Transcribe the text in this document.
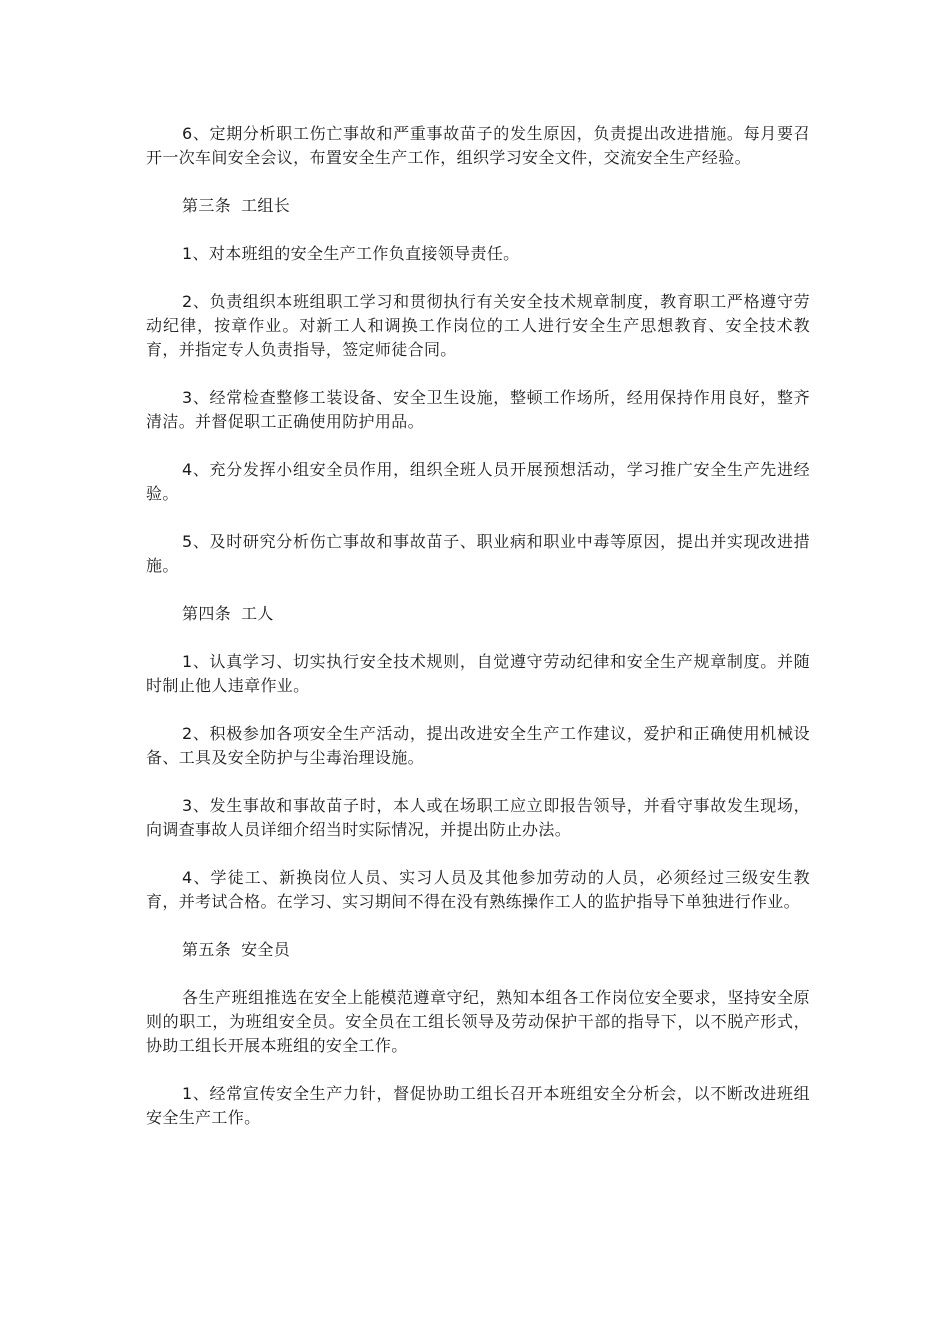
6、定期分析职工伤亡事故和严重事故苗子的发生原因，负责提出改进措施。每月要召开一次车间安全会议，布置安全生产工作，组织学习安全文件，交流安全生产经验。

第三条 工组长

1、对本班组的安全生产工作负直接领导责任。

2、负责组织本班组职工学习和贯彻执行有关安全技术规章制度，教育职工严格遵守劳动纪律，按章作业。对新工人和调换工作岗位的工人进行安全生产思想教育、安全技术教育，并指定专人负责指导，签定师徒合同。

3、经常检查整修工装设备、安全卫生设施，整顿工作场所，经用保持作用良好，整齐清洁。并督促职工正确使用防护用品。

4、充分发挥小组安全员作用，组织全班人员开展预想活动，学习推广安全生产先进经验。

5、及时研究分析伤亡事故和事故苗子、职业病和职业中毒等原因，提出并实现改进措施。

第四条 工人

1、认真学习、切实执行安全技术规则，自觉遵守劳动纪律和安全生产规章制度。并随时制止他人违章作业。

2、积极参加各项安全生产活动，提出改进安全生产工作建议，爱护和正确使用机械设备、工具及安全防护与尘毒治理设施。

3、发生事故和事故苗子时，本人或在场职工应立即报告领导，并看守事故发生现场，向调查事故人员详细介绍当时实际情况，并提出防止办法。

4、学徒工、新换岗位人员、实习人员及其他参加劳动的人员，必须经过三级安生教育，并考试合格。在学习、实习期间不得在没有熟练操作工人的监护指导下单独进行作业。

第五条 安全员

各生产班组推选在安全上能模范遵章守纪，熟知本组各工作岗位安全要求，坚持安全原则的职工，为班组安全员。安全员在工组长领导及劳动保护干部的指导下，以不脱产形式，协助工组长开展本班组的安全工作。

1、经常宣传安全生产力针，督促协助工组长召开本班组安全分析会，以不断改进班组安全生产工作。
